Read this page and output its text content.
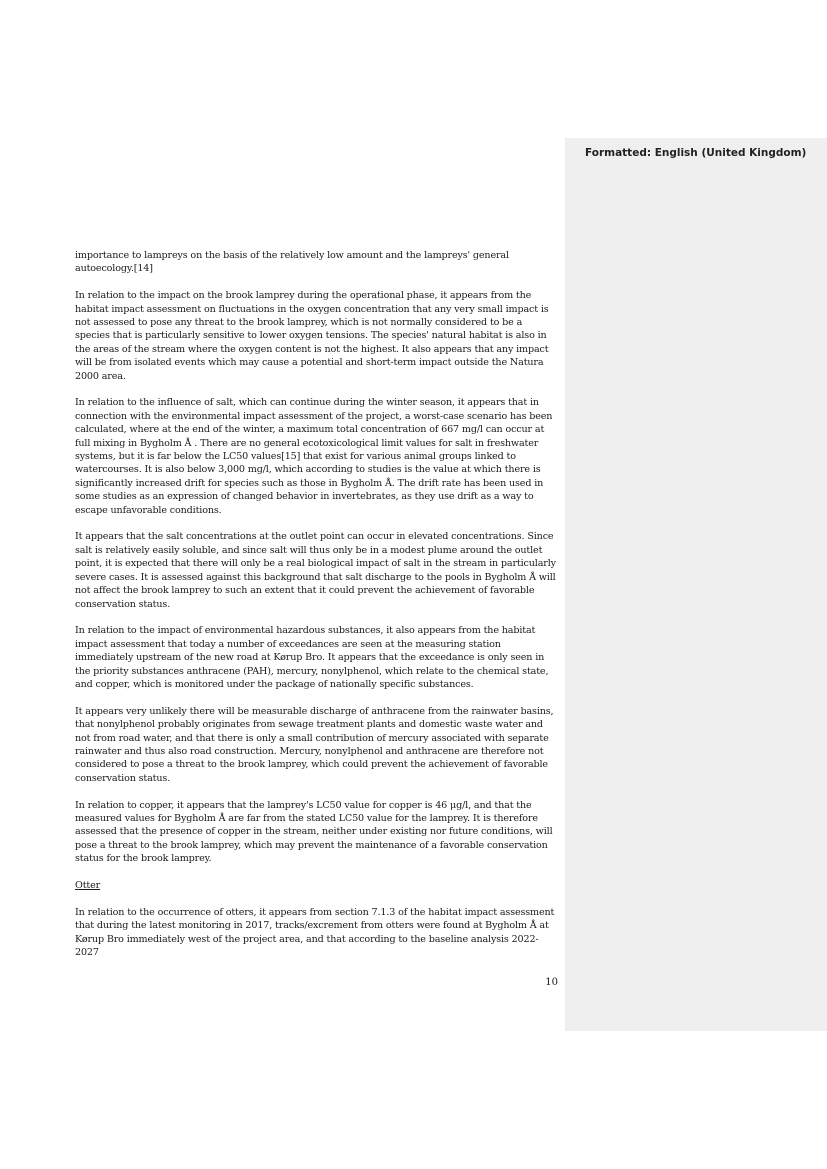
Formatted: English (United Kingdom)

importance to lampreys on the basis of the relatively low amount and the lampreys' general autoecology.[14]

In relation to the impact on the brook lamprey during the operational phase, it appears from the habitat impact assessment on fluctuations in the oxygen concentration that any very small impact is not assessed to pose any threat to the brook lamprey, which is not normally considered to be a species that is particularly sensitive to lower oxygen tensions. The species' natural habitat is also in the areas of the stream where the oxygen content is not the highest. It also appears that any impact will be from isolated events which may cause a potential and short-term impact outside the Natura 2000 area.

In relation to the influence of salt, which can continue during the winter season, it appears that in connection with the environmental impact assessment of the project, a worst-case scenario has been calculated, where at the end of the winter, a maximum total concentration of 667 mg/l can occur at full mixing in Bygholm Å . There are no general ecotoxicological limit values for salt in freshwater systems, but it is far below the LC50 values[15] that exist for various animal groups linked to watercourses. It is also below 3,000 mg/l, which according to studies is the value at which there is significantly increased drift for species such as those in Bygholm Å. The drift rate has been used in some studies as an expression of changed behavior in invertebrates, as they use drift as a way to escape unfavorable conditions.

It appears that the salt concentrations at the outlet point can occur in elevated concentrations. Since salt is relatively easily soluble, and since salt will thus only be in a modest plume around the outlet point, it is expected that there will only be a real biological impact of salt in the stream in particularly severe cases. It is assessed against this background that salt discharge to the pools in Bygholm Å will not affect the brook lamprey to such an extent that it could prevent the achievement of favorable conservation status.

In relation to the impact of environmental hazardous substances, it also appears from the habitat impact assessment that today a number of exceedances are seen at the measuring station immediately upstream of the new road at Kørup Bro. It appears that the exceedance is only seen in the priority substances anthracene (PAH), mercury, nonylphenol, which relate to the chemical state, and copper, which is monitored under the package of nationally specific substances.

It appears very unlikely there will be measurable discharge of anthracene from the rainwater basins, that nonylphenol probably originates from sewage treatment plants and domestic waste water and not from road water, and that there is only a small contribution of mercury associated with separate rainwater and thus also road construction. Mercury, nonylphenol and anthracene are therefore not considered to pose a threat to the brook lamprey, which could prevent the achievement of favorable conservation status.

In relation to copper, it appears that the lamprey's LC50 value for copper is 46 μg/l, and that the measured values for Bygholm Å are far from the stated LC50 value for the lamprey. It is therefore assessed that the presence of copper in the stream, neither under existing nor future conditions, will pose a threat to the brook lamprey, which may prevent the maintenance of a favorable conservation status for the brook lamprey.

Otter

In relation to the occurrence of otters, it appears from section 7.1.3 of the habitat impact assessment that during the latest monitoring in 2017, tracks/excrement from otters were found at Bygholm Å at Kørup Bro immediately west of the project area, and that according to the baseline analysis 2022-2027

10
